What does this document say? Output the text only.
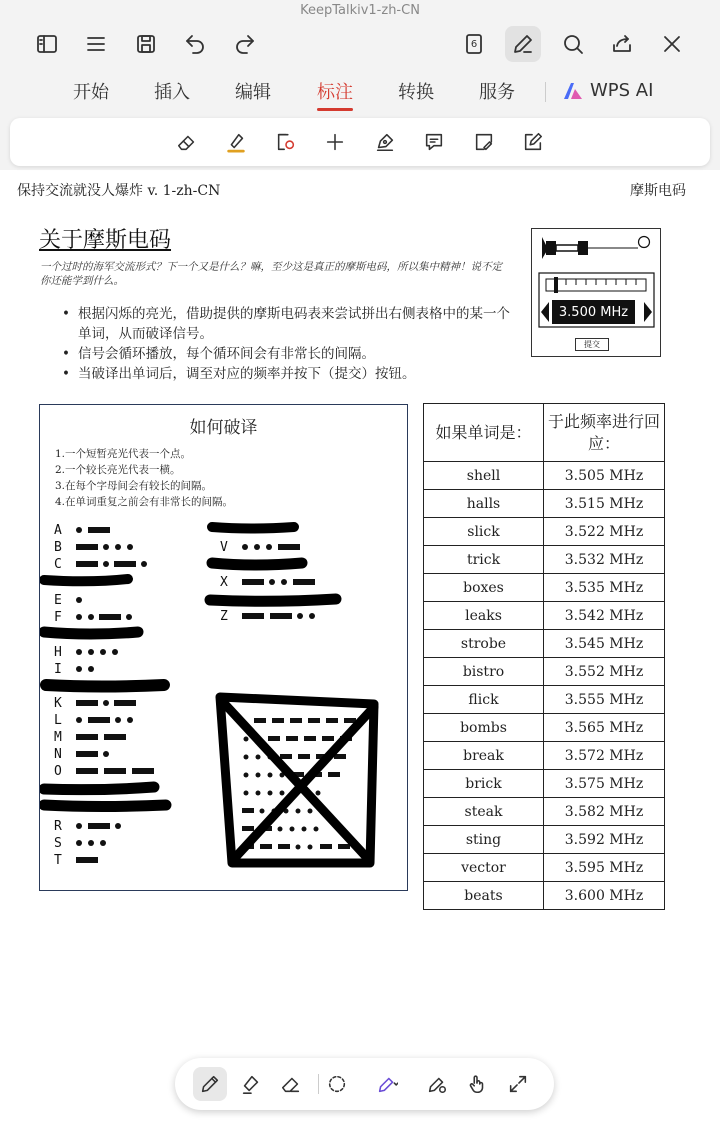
KeepTalkiv1-zh-CN
6
开始	插入	编辑	标注	转换	服务	WPS AI
保持交流就没人爆炸 v. 1-zh-CN	摩斯电码
关于摩斯电码
一个过时的海军交流形式？下一个又是什么？嘛，至少这是真正的摩斯电码，所以集中精神！说不定你还能学到什么。
• 根据闪烁的亮光，借助提供的摩斯电码表来尝试拼出右侧表格中的某一个单词，从而破译信号。
• 信号会循环播放，每个循环间会有非常长的间隔。
• 当破译出单词后，调至对应的频率并按下（提交）按钮。
3.500 MHz
提交
如何破译
1.一个短暂亮光代表一个点。
2.一个较长亮光代表一横。
3.在每个字母间会有较长的间隔。
4.在单词重复之前会有非常长的间隔。
A
B
C
E
F
H
I
K
L
M
N
O
R
S
T
V
X
Z
如果单词是：	于此频率进行回应：
shell	3.505 MHz
halls	3.515 MHz
slick	3.522 MHz
trick	3.532 MHz
boxes	3.535 MHz
leaks	3.542 MHz
strobe	3.545 MHz
bistro	3.552 MHz
flick	3.555 MHz
bombs	3.565 MHz
break	3.572 MHz
brick	3.575 MHz
steak	3.582 MHz
sting	3.592 MHz
vector	3.595 MHz
beats	3.600 MHz
